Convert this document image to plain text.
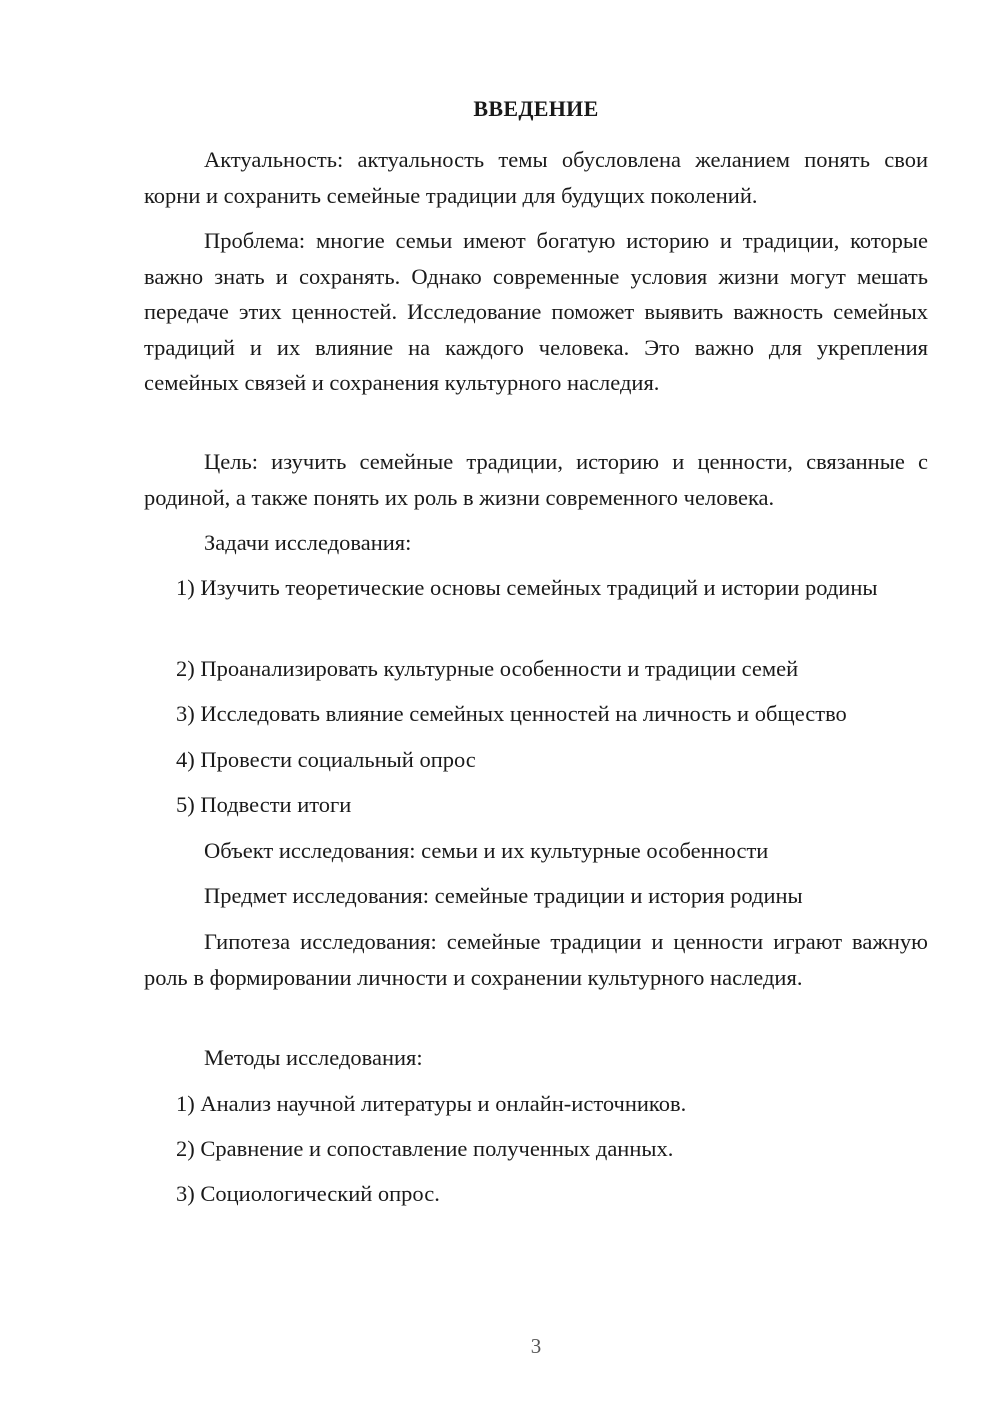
ВВЕДЕНИЕ

Актуальность: актуальность темы обусловлена желанием понять свои корни и сохранить семейные традиции для будущих поколений.

Проблема: многие семьи имеют богатую историю и традиции, которые важно знать и сохранять. Однако современные условия жизни могут мешать передаче этих ценностей. Исследование поможет выявить важность семейных традиций и их влияние на каждого человека. Это важно для укрепления семейных связей и сохранения культурного наследия.

Цель: изучить семейные традиции, историю и ценности, связанные с родиной, а также понять их роль в жизни современного человека.

Задачи исследования:

1) Изучить теоретические основы семейных традиций и истории родины

2) Проанализировать культурные особенности и традиции семей

3) Исследовать влияние семейных ценностей на личность и общество

4) Провести социальный опрос

5) Подвести итоги

Объект исследования: семьи и их культурные особенности

Предмет исследования: семейные традиции и история родины

Гипотеза исследования: семейные традиции и ценности играют важную роль в формировании личности и сохранении культурного наследия.

Методы исследования:

1) Анализ научной литературы и онлайн-источников.

2) Сравнение и сопоставление полученных данных.

3) Социологический опрос.

3
